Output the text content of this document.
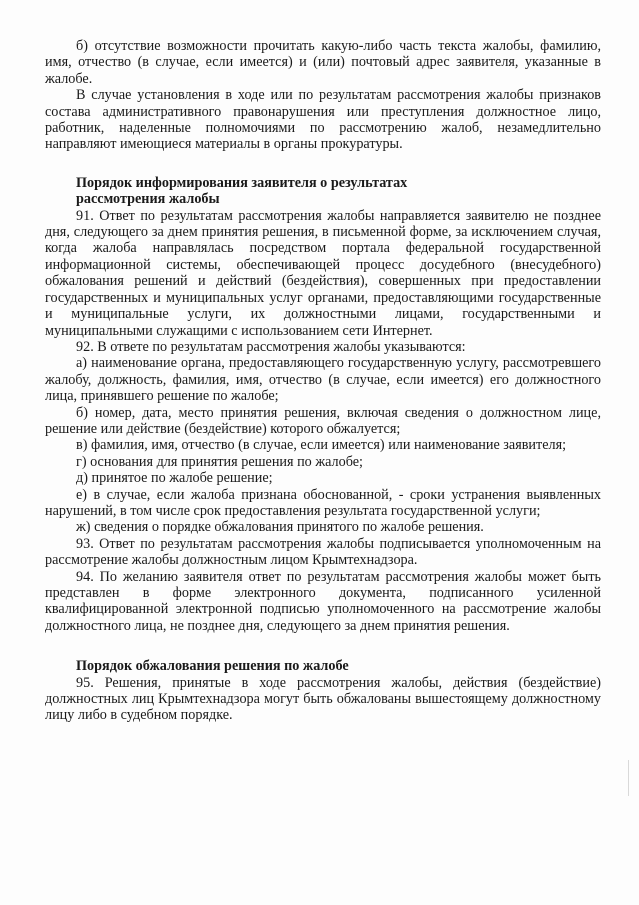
б) отсутствие возможности прочитать какую-либо часть текста жалобы, фамилию, имя, отчество (в случае, если имеется) и (или) почтовый адрес заявителя, указанные в жалобе.

В случае установления в ходе или по результатам рассмотрения жалобы признаков состава административного правонарушения или преступления должностное лицо, работник, наделенные полномочиями по рассмотрению жалоб, незамедлительно направляют имеющиеся материалы в органы прокуратуры.

Порядок информирования заявителя о результатах

рассмотрения жалобы

91. Ответ по результатам рассмотрения жалобы направляется заявителю не позднее дня, следующего за днем принятия решения, в письменной форме, за исключением случая, когда жалоба направлялась посредством портала федеральной государственной информационной системы, обеспечивающей процесс досудебного (внесудебного) обжалования решений и действий (бездействия), совершенных при предоставлении государственных и муниципальных услуг органами, предоставляющими государственные и муниципальные услуги, их должностными лицами, государственными и муниципальными служащими с использованием сети Интернет.

92. В ответе по результатам рассмотрения жалобы указываются:

а) наименование органа, предоставляющего государственную услугу, рассмотревшего жалобу, должность, фамилия, имя, отчество (в случае, если имеется) его должностного лица, принявшего решение по жалобе;

б) номер, дата, место принятия решения, включая сведения о должностном лице, решение или действие (бездействие) которого обжалуется;

в) фамилия, имя, отчество (в случае, если имеется) или наименование заявителя;

г) основания для принятия решения по жалобе;

д) принятое по жалобе решение;

е) в случае, если жалоба признана обоснованной, - сроки устранения выявленных нарушений, в том числе срок предоставления результата государственной услуги;

ж) сведения о порядке обжалования принятого по жалобе решения.

93. Ответ по результатам рассмотрения жалобы подписывается уполномоченным на рассмотрение жалобы должностным лицом Крымтехнадзора.

94. По желанию заявителя ответ по результатам рассмотрения жалобы может быть представлен в форме электронного документа, подписанного усиленной квалифицированной электронной подписью уполномоченного на рассмотрение жалобы должностного лица, не позднее дня, следующего за днем принятия решения.

Порядок обжалования решения по жалобе

95. Решения, принятые в ходе рассмотрения жалобы, действия (бездействие) должностных лиц Крымтехнадзора могут быть обжалованы вышестоящему должностному лицу либо в судебном порядке.
